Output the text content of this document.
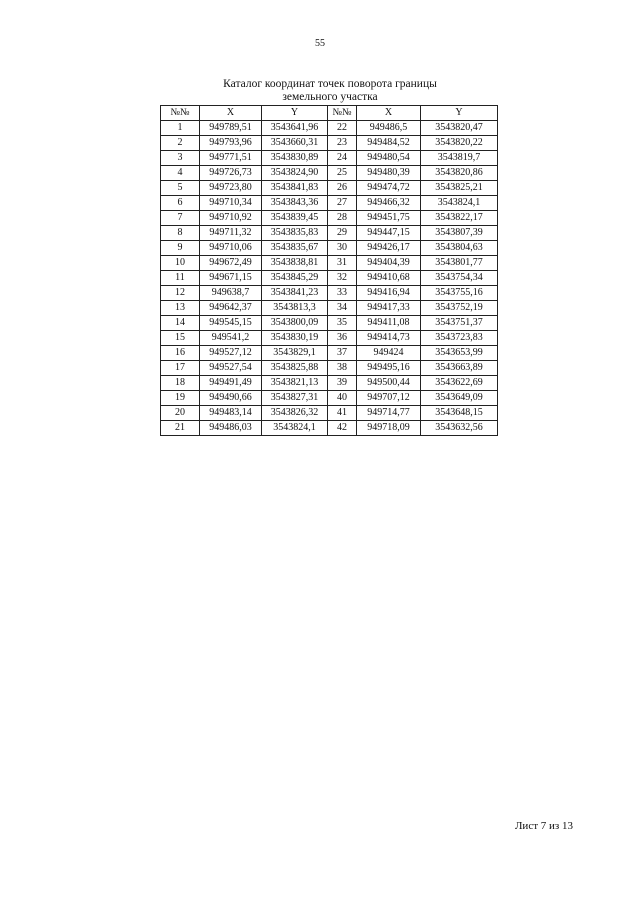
55
Каталог координат точек поворота границы
земельного участка
№№	X	Y	№№	X	Y
1	949789,51	3543641,96	22	949486,5	3543820,47
2	949793,96	3543660,31	23	949484,52	3543820,22
3	949771,51	3543830,89	24	949480,54	3543819,7
4	949726,73	3543824,90	25	949480,39	3543820,86
5	949723,80	3543841,83	26	949474,72	3543825,21
6	949710,34	3543843,36	27	949466,32	3543824,1
7	949710,92	3543839,45	28	949451,75	3543822,17
8	949711,32	3543835,83	29	949447,15	3543807,39
9	949710,06	3543835,67	30	949426,17	3543804,63
10	949672,49	3543838,81	31	949404,39	3543801,77
11	949671,15	3543845,29	32	949410,68	3543754,34
12	949638,7	3543841,23	33	949416,94	3543755,16
13	949642,37	3543813,3	34	949417,33	3543752,19
14	949545,15	3543800,09	35	949411,08	3543751,37
15	949541,2	3543830,19	36	949414,73	3543723,83
16	949527,12	3543829,1	37	949424	3543653,99
17	949527,54	3543825,88	38	949495,16	3543663,89
18	949491,49	3543821,13	39	949500,44	3543622,69
19	949490,66	3543827,31	40	949707,12	3543649,09
20	949483,14	3543826,32	41	949714,77	3543648,15
21	949486,03	3543824,1	42	949718,09	3543632,56
Лист 7 из 13
